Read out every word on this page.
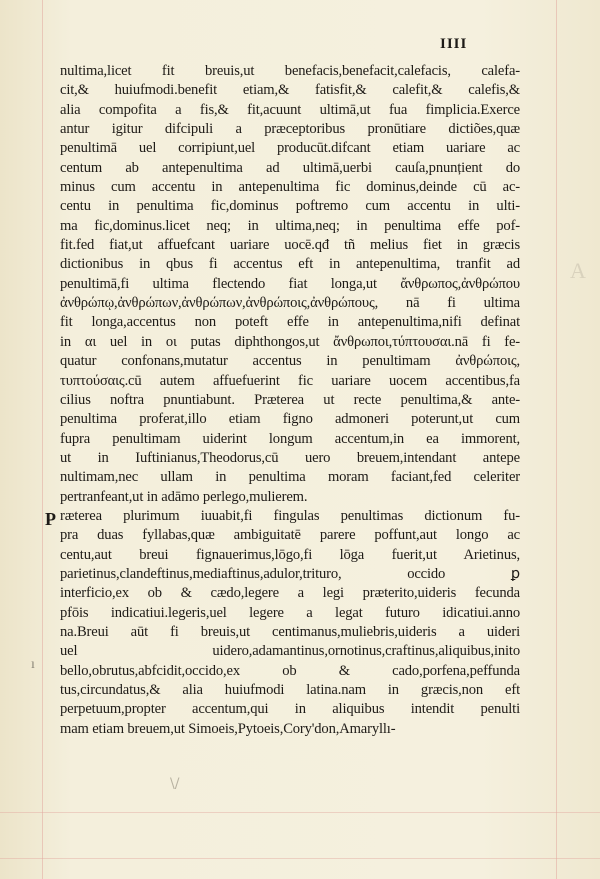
IIII
A
nultima,licet fit breuis,ut benefacis,benefacit,calefacis, calefa-
cit,& huiufmodi.benefit etiam,& fatisfit,& calefit,& calefis,&
alia compofita a fis,& fit,acuunt ultimā,ut fua fimplicia.Exerce
antur igitur difcipuli a præceptoribus pronūtiare dictiões,quæ
penultimā uel corripiunt,uel producūt.difcant etiam uariare ac
centum ab antepenultima ad ultimā,uerbi cauſa,pnunțient do
minus cum accentu in antepenultima fic dominus,deinde cū ac-
centu in penultima fic,dominus poftremo cum accentu in ulti-
ma fic,dominus.licet neq; in ultima,neq; in penultima effe pof-
fit.fed fiat,ut affuefcant uariare uocē.qđ tñ melius fiet in græcis
dictionibus in qbus fi accentus eft in antepenultima, tranfit ad
penultimā,fi ultima flectendo fiat longa,ut ἄνθρωπος,ἀνθρώπου
ἀνθρώπῳ,ἀνθρώπων,ἀνθρώπων,ἀνθρώποις,ἀνθρώπους, nā fi ultima
fit longa,accentus non poteft effe in antepenultima,nifi definat
in αι uel in οι putas diphthongos,ut ἄνθρωποι,τύπτουσαι.nā fi fe-
quatur confonans,mutatur accentus in penultimam ἀνθρώποις,
τυπτούσαις.cū autem affuefuerint fic uariare uocem accentibus,fa
cilius noftra pnuntiabunt. Præterea ut recte penultima,& ante-
penultima proferat,illo etiam figno admoneri poterunt,ut cum
fupra penultimam uiderint longum accentum,in ea immorent,
ut in Iuftinianus,Theodorus,cū uero breuem,intendant antepe
nultimam,nec ullam in penultima moram faciant,fed celeriter
pertranfeant,ut in adāmo perlego,mulierem.
ræterea plurimum iuuabit,fi fingulas penultimas dictionum fu-
pra duas fyllabas,quæ ambiguitatē parere poffunt,aut longo ac
centu,aut breui fignauerimus,lōgo,fi lōga fuerit,ut Arietinus,
parietinus,clandeftinus,mediaftinus,adulor,trituro, occido ꝑ
interficio,ex ob & cædo,legere a legi præterito,uideris fecunda
pfōis indicatiui.legeris,uel legere a legat futuro idicatiui.anno
na.Breui aūt fi breuis,ut centimanus,muliebris,uideris a uideri
uel uidero,adamantinus,ornotinus,craftinus,aliquibus,inito
bello,obrutus,abfcidit,occido,ex ob & cado,porfena,peffunda
tus,circundatus,& alia huiufmodi latina.nam in græcis,non eft
perpetuum,propter accentum,qui in aliquibus intendit penulti
mam etiam breuem,ut Simoeis,Pytoeis,Cory'don,Amaryllı-
P
ı
\/
